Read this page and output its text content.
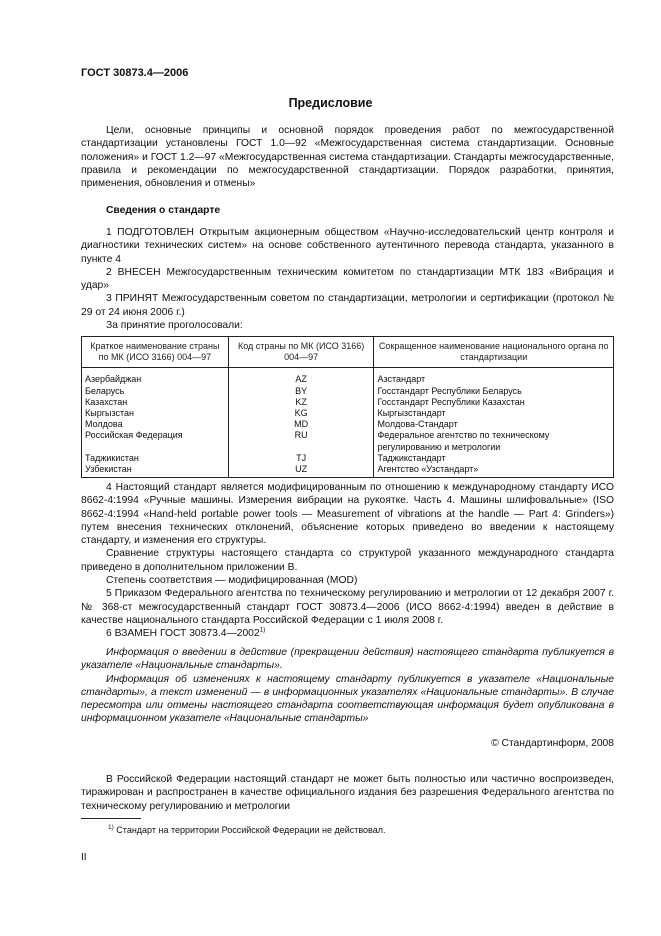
ГОСТ 30873.4—2006
Предисловие

Цели, основные принципы и основной порядок проведения работ по межгосударственной стандартизации установлены ГОСТ 1.0—92 «Межгосударственная система стандартизации. Основные положения» и ГОСТ 1.2—97 «Межгосударственная система стандартизации. Стандарты межгосударственные, правила и рекомендации по межгосударственной стандартизации. Порядок разработки, принятия, применения, обновления и отмены»

Сведения о стандарте

1 ПОДГОТОВЛЕН Открытым акционерным обществом «Научно-исследовательский центр контроля и диагностики технических систем» на основе собственного аутентичного перевода стандарта, указанного в пункте 4

2 ВНЕСЕН Межгосударственным техническим комитетом по стандартизации МТК 183 «Вибрация и удар»

3 ПРИНЯТ Межгосударственным советом по стандартизации, метрологии и сертификации (протокол № 29 от 24 июня 2006 г.)

За принятие проголосовали:

Краткое наименование страны по МК (ИСО 3166) 004—97	Код страны по МК (ИСО 3166) 004—97	Сокращенное наименование национального органа по стандартизации
Азербайджан	AZ	Азстандарт
Беларусь	BY	Госстандарт Республики Беларусь
Казахстан	KZ	Госстандарт Республики Казахстан
Кыргызстан	KG	Кыргызстандарт
Молдова	MD	Молдова-Стандарт
Российская Федерация	RU	Федеральное агентство по техническому регулированию и метрологии
Таджикистан	TJ	Таджикстандарт
Узбекистан	UZ	Агентство «Узстандарт»

4 Настоящий стандарт является модифицированным по отношению к международному стандарту ИСО 8662-4:1994 «Ручные машины. Измерения вибрации на рукоятке. Часть 4. Машины шлифовальные» (ISO 8662-4:1994 «Hand-held portable power tools — Measurement of vibrations at the handle — Part 4: Grinders») путем внесения технических отклонений, объяснение которых приведено во введении к настоящему стандарту, и изменения его структуры.

Сравнение структуры настоящего стандарта со структурой указанного международного стандарта приведено в дополнительном приложении В.

Степень соответствия — модифицированная (MOD)

5 Приказом Федерального агентства по техническому регулированию и метрологии от 12 декабря 2007 г. № 368-ст межгосударственный стандарт ГОСТ 30873.4—2006 (ИСО 8662-4:1994) введен в действие в качестве национального стандарта Российской Федерации с 1 июля 2008 г.

6 ВЗАМЕН ГОСТ 30873.4—2002$^{1)}$

Информация о введении в действие (прекращении действия) настоящего стандарта публикуется в указателе «Национальные стандарты».

Информация об изменениях к настоящему стандарту публикуется в указателе «Национальные стандарты», а текст изменений — в информационных указателях «Национальные стандарты». В случае пересмотра или отмены настоящего стандарта соответствующая информация будет опубликована в информационном указателе «Национальные стандарты»

© Стандартинформ, 2008

В Российской Федерации настоящий стандарт не может быть полностью или частично воспроизведен, тиражирован и распространен в качестве официального издания без разрешения Федерального агентства по техническому регулированию и метрологии

$^{1)}$ Стандарт на территории Российской Федерации не действовал.
II
